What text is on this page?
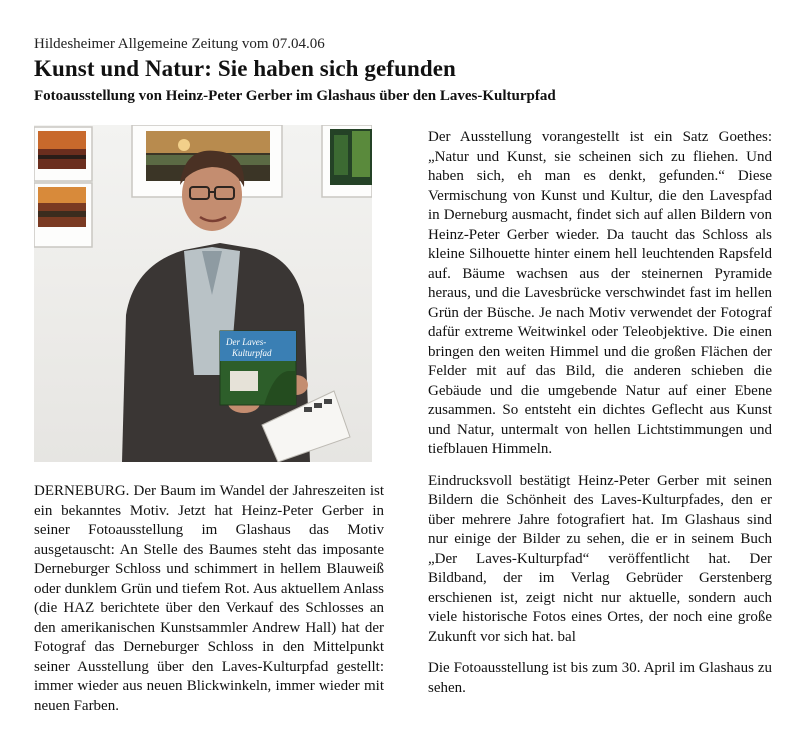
Hildesheimer Allgemeine Zeitung vom 07.04.06
Kunst und Natur: Sie haben sich gefunden
Fotoausstellung von Heinz-Peter Gerber im Glashaus über den Laves-Kulturpfad
Der Laves-
Kulturpfad

DERNEBURG. Der Baum im Wandel der Jahreszeiten ist ein bekanntes Motiv. Jetzt hat Heinz-Peter Gerber in seiner Fotoausstellung im Glashaus das Motiv ausgetauscht: An Stelle des Baumes steht das imposante Derneburger Schloss und schimmert in hellem Blauweiß oder dunklem Grün und tiefem Rot. Aus aktuellem Anlass (die HAZ berichtete über den Verkauf des Schlosses an den amerikanischen Kunstsammler Andrew Hall) hat der Fotograf das Derneburger Schloss in den Mittelpunkt seiner Ausstellung über den Laves-Kulturpfad gestellt: immer wieder aus neuen Blickwinkeln, immer wieder mit neuen Farben.

Der Ausstellung vorangestellt ist ein Satz Goethes: „Natur und Kunst, sie scheinen sich zu fliehen. Und haben sich, eh man es denkt, gefunden.“ Diese Vermischung von Kunst und Kultur, die den Lavespfad in Derneburg ausmacht, findet sich auf allen Bildern von Heinz-Peter Gerber wieder. Da taucht das Schloss als kleine Silhouette hinter einem hell leuchtenden Rapsfeld auf. Bäume wachsen aus der steinernen Pyramide heraus, und die Lavesbrücke verschwindet fast im hellen Grün der Büsche. Je nach Motiv verwendet der Fotograf dafür extreme Weitwinkel oder Teleobjektive. Die einen bringen den weiten Himmel und die großen Flächen der Felder mit auf das Bild, die anderen schieben die Gebäude und die umgebende Natur auf einer Ebene zusammen. So entsteht ein dichtes Geflecht aus Kunst und Natur, untermalt von hellen Lichtstimmungen und tiefblauen Himmeln.

Eindrucksvoll bestätigt Heinz-Peter Gerber mit seinen Bildern die Schönheit des Laves-Kulturpfades, den er über mehrere Jahre fotografiert hat. Im Glashaus sind nur einige der Bilder zu sehen, die er in seinem Buch „Der Laves-Kulturpfad“ veröffentlicht hat. Der Bildband, der im Verlag Gebrüder Gerstenberg erschienen ist, zeigt nicht nur aktuelle, sondern auch viele historische Fotos eines Ortes, der noch eine große Zukunft vor sich hat. bal

Die Fotoausstellung ist bis zum 30. April im Glashaus zu sehen.
